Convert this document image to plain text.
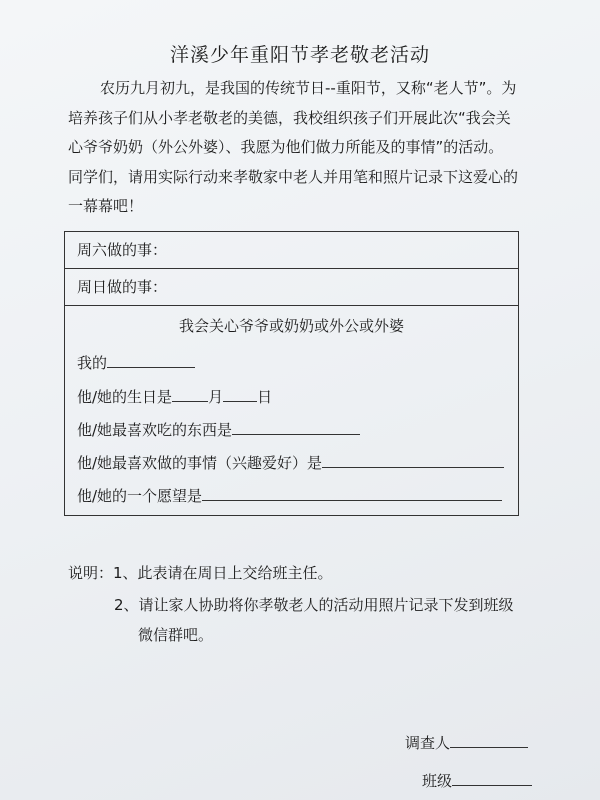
洋溪少年重阳节孝老敬老活动

农历九月初九，是我国的传统节日--重阳节，又称“老人节”。为

培养孩子们从小孝老敬老的美德，我校组织孩子们开展此次“我会关

心爷爷奶奶（外公外婆）、我愿为他们做力所能及的事情”的活动。

同学们，请用实际行动来孝敬家中老人并用笔和照片记录下这爱心的

一幕幕吧！

周六做的事：
周日做的事：
我会关心爷爷或奶奶或外公或外婆
我的
他/她的生日是 月 日
他/她最喜欢吃的东西是
他/她最喜欢做的事情（兴趣爱好）是
他/她的一个愿望是
说明：1、此表请在周日上交给班主任。
2、请让家人协助将你孝敬老人的活动用照片记录下发到班级
微信群吧。
调查人
班级
